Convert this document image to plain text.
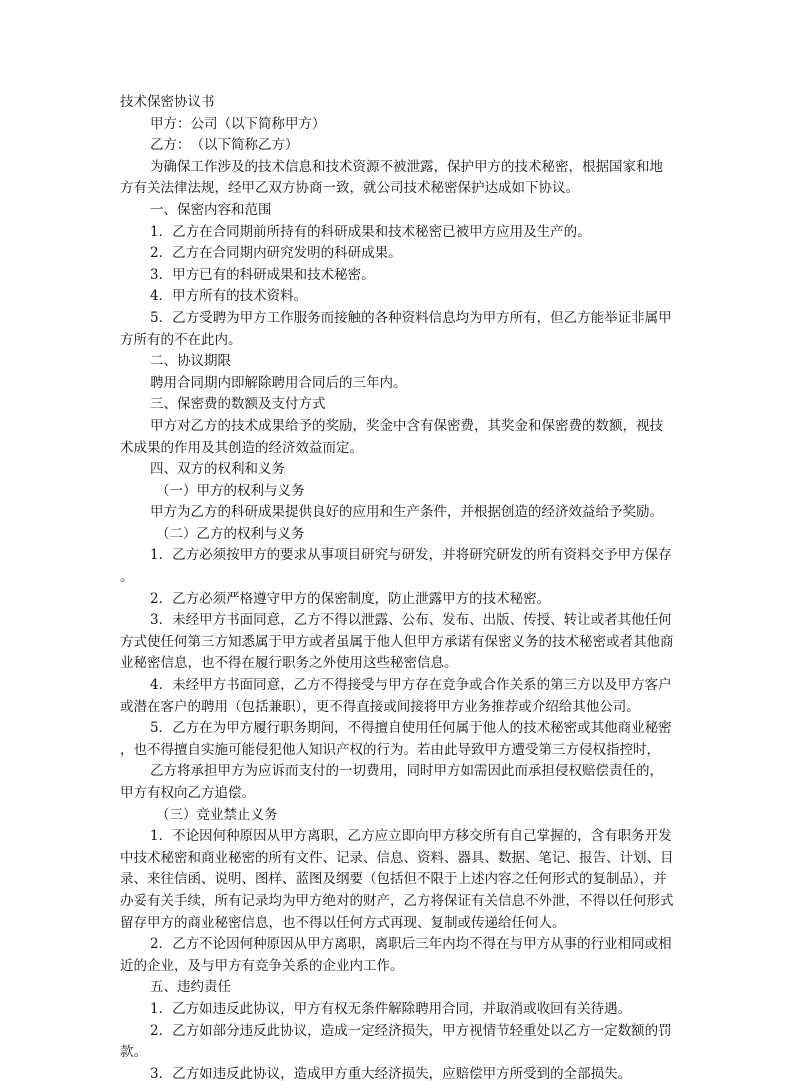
技术保密协议书
甲方：公司（以下简称甲方）
乙方：　（以下简称乙方）
为确保工作涉及的技术信息和技术资源不被泄露，保护甲方的技术秘密，根据国家和地
方有关法律法规，经甲乙双方协商一致，就公司技术秘密保护达成如下协议。
一、保密内容和范围
1．乙方在合同期前所持有的科研成果和技术秘密已被甲方应用及生产的。
2．乙方在合同期内研究发明的科研成果。
3．甲方已有的科研成果和技术秘密。
4．甲方所有的技术资料。
5．乙方受聘为甲方工作服务而接触的各种资料信息均为甲方所有，但乙方能举证非属甲
方所有的不在此内。
二、协议期限
聘用合同期内即解除聘用合同后的三年内。
三、保密费的数额及支付方式
甲方对乙方的技术成果给予的奖励，奖金中含有保密费，其奖金和保密费的数额，视技
术成果的作用及其创造的经济效益而定。
四、双方的权利和义务
（一）甲方的权利与义务
甲方为乙方的科研成果提供良好的应用和生产条件，并根据创造的经济效益给予奖励。
（二）乙方的权利与义务
1．乙方必须按甲方的要求从事项目研究与研发，并将研究研发的所有资料交予甲方保存
。
2．乙方必须严格遵守甲方的保密制度，防止泄露甲方的技术秘密。
3．未经甲方书面同意，乙方不得以泄露、公布、发布、出版、传授、转让或者其他任何
方式使任何第三方知悉属于甲方或者虽属于他人但甲方承诺有保密义务的技术秘密或者其他商
业秘密信息，也不得在履行职务之外使用这些秘密信息。
4．未经甲方书面同意，乙方不得接受与甲方存在竞争或合作关系的第三方以及甲方客户
或潜在客户的聘用（包括兼职），更不得直接或间接将甲方业务推荐或介绍给其他公司。
5．乙方在为甲方履行职务期间，不得擅自使用任何属于他人的技术秘密或其他商业秘密
，也不得擅自实施可能侵犯他人知识产权的行为。若由此导致甲方遭受第三方侵权指控时，
乙方将承担甲方为应诉而支付的一切费用，同时甲方如需因此而承担侵权赔偿责任的，
甲方有权向乙方追偿。
（三）竞业禁止义务
1．不论因何种原因从甲方离职，乙方应立即向甲方移交所有自己掌握的，含有职务开发
中技术秘密和商业秘密的所有文件、记录、信息、资料、器具、数据、笔记、报告、计划、目
录、来往信函、说明、图样、蓝图及纲要（包括但不限于上述内容之任何形式的复制品），并
办妥有关手续，所有记录均为甲方绝对的财产，乙方将保证有关信息不外泄，不得以任何形式
留存甲方的商业秘密信息，也不得以任何方式再现、复制或传递给任何人。
2．乙方不论因何种原因从甲方离职，离职后三年内均不得在与甲方从事的行业相同或相
近的企业，及与甲方有竞争关系的企业内工作。
五、违约责任
1．乙方如违反此协议，甲方有权无条件解除聘用合同，并取消或收回有关待遇。
2．乙方如部分违反此协议，造成一定经济损失，甲方视情节轻重处以乙方一定数额的罚
款。
3．乙方如违反此协议，造成甲方重大经济损失，应赔偿甲方所受到的全部损失。
